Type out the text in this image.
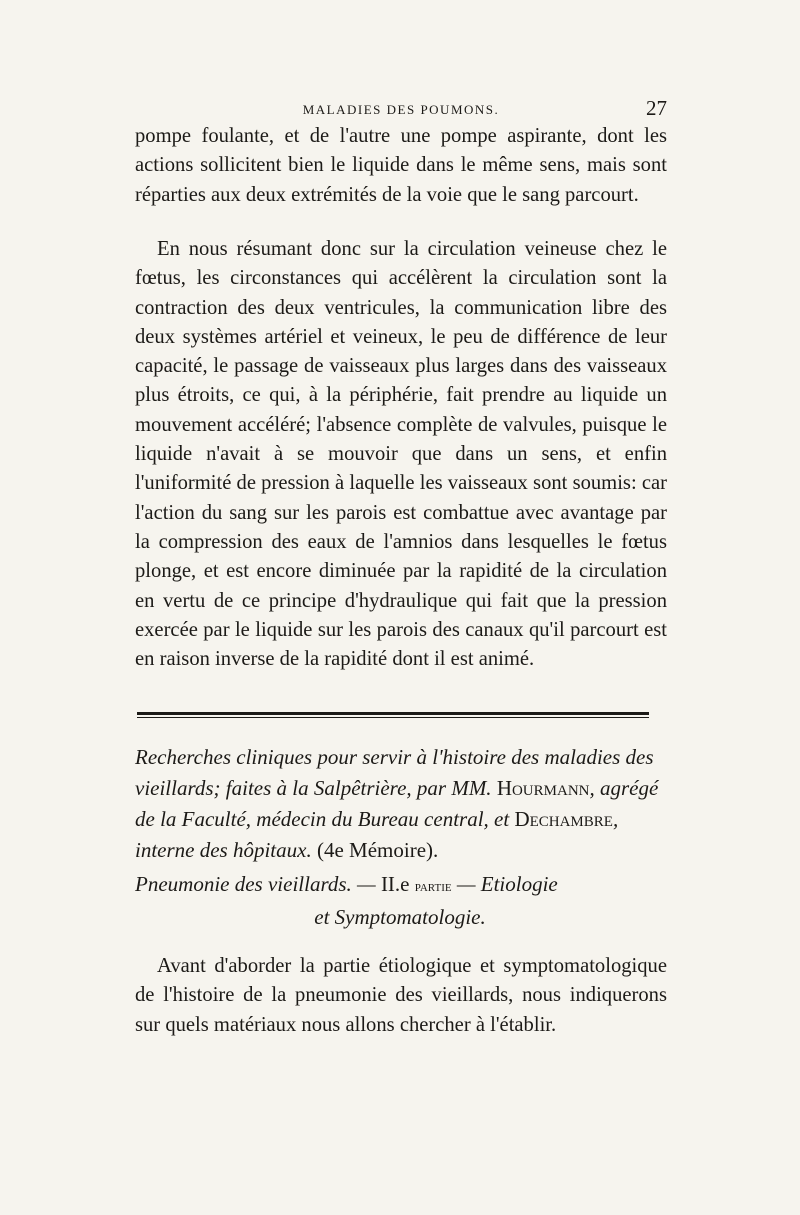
MALADIES DES POUMONS.	27

pompe foulante, et de l'autre une pompe aspirante, dont les actions sollicitent bien le liquide dans le même sens, mais sont réparties aux deux extrémités de la voie que le sang parcourt.

En nous résumant donc sur la circulation veineuse chez le fœtus, les circonstances qui accélèrent la circulation sont la contraction des deux ventricules, la communication libre des deux systèmes artériel et veineux, le peu de différence de leur capacité, le passage de vaisseaux plus larges dans des vaisseaux plus étroits, ce qui, à la périphérie, fait prendre au liquide un mouvement accéléré; l'absence complète de valvules, puisque le liquide n'avait à se mouvoir que dans un sens, et enfin l'uniformité de pression à laquelle les vaisseaux sont soumis: car l'action du sang sur les parois est combattue avec avantage par la compression des eaux de l'amnios dans lesquelles le fœtus plonge, et est encore diminuée par la rapidité de la circulation en vertu de ce principe d'hydraulique qui fait que la pression exercée par le liquide sur les parois des canaux qu'il parcourt est en raison inverse de la rapidité dont il est animé.

Recherches cliniques pour servir à l'histoire des maladies des vieillards; faites à la Salpêtrière, par MM. Hourmann, agrégé de la Faculté, médecin du Bureau central, et Dechambre, interne des hôpitaux. (4e Mémoire).
Pneumonie des vieillards. — II.e partie — Etiologie
et Symptomatologie.

Avant d'aborder la partie étiologique et symptomatologique de l'histoire de la pneumonie des vieillards, nous indiquerons sur quels matériaux nous allons chercher à l'établir.
